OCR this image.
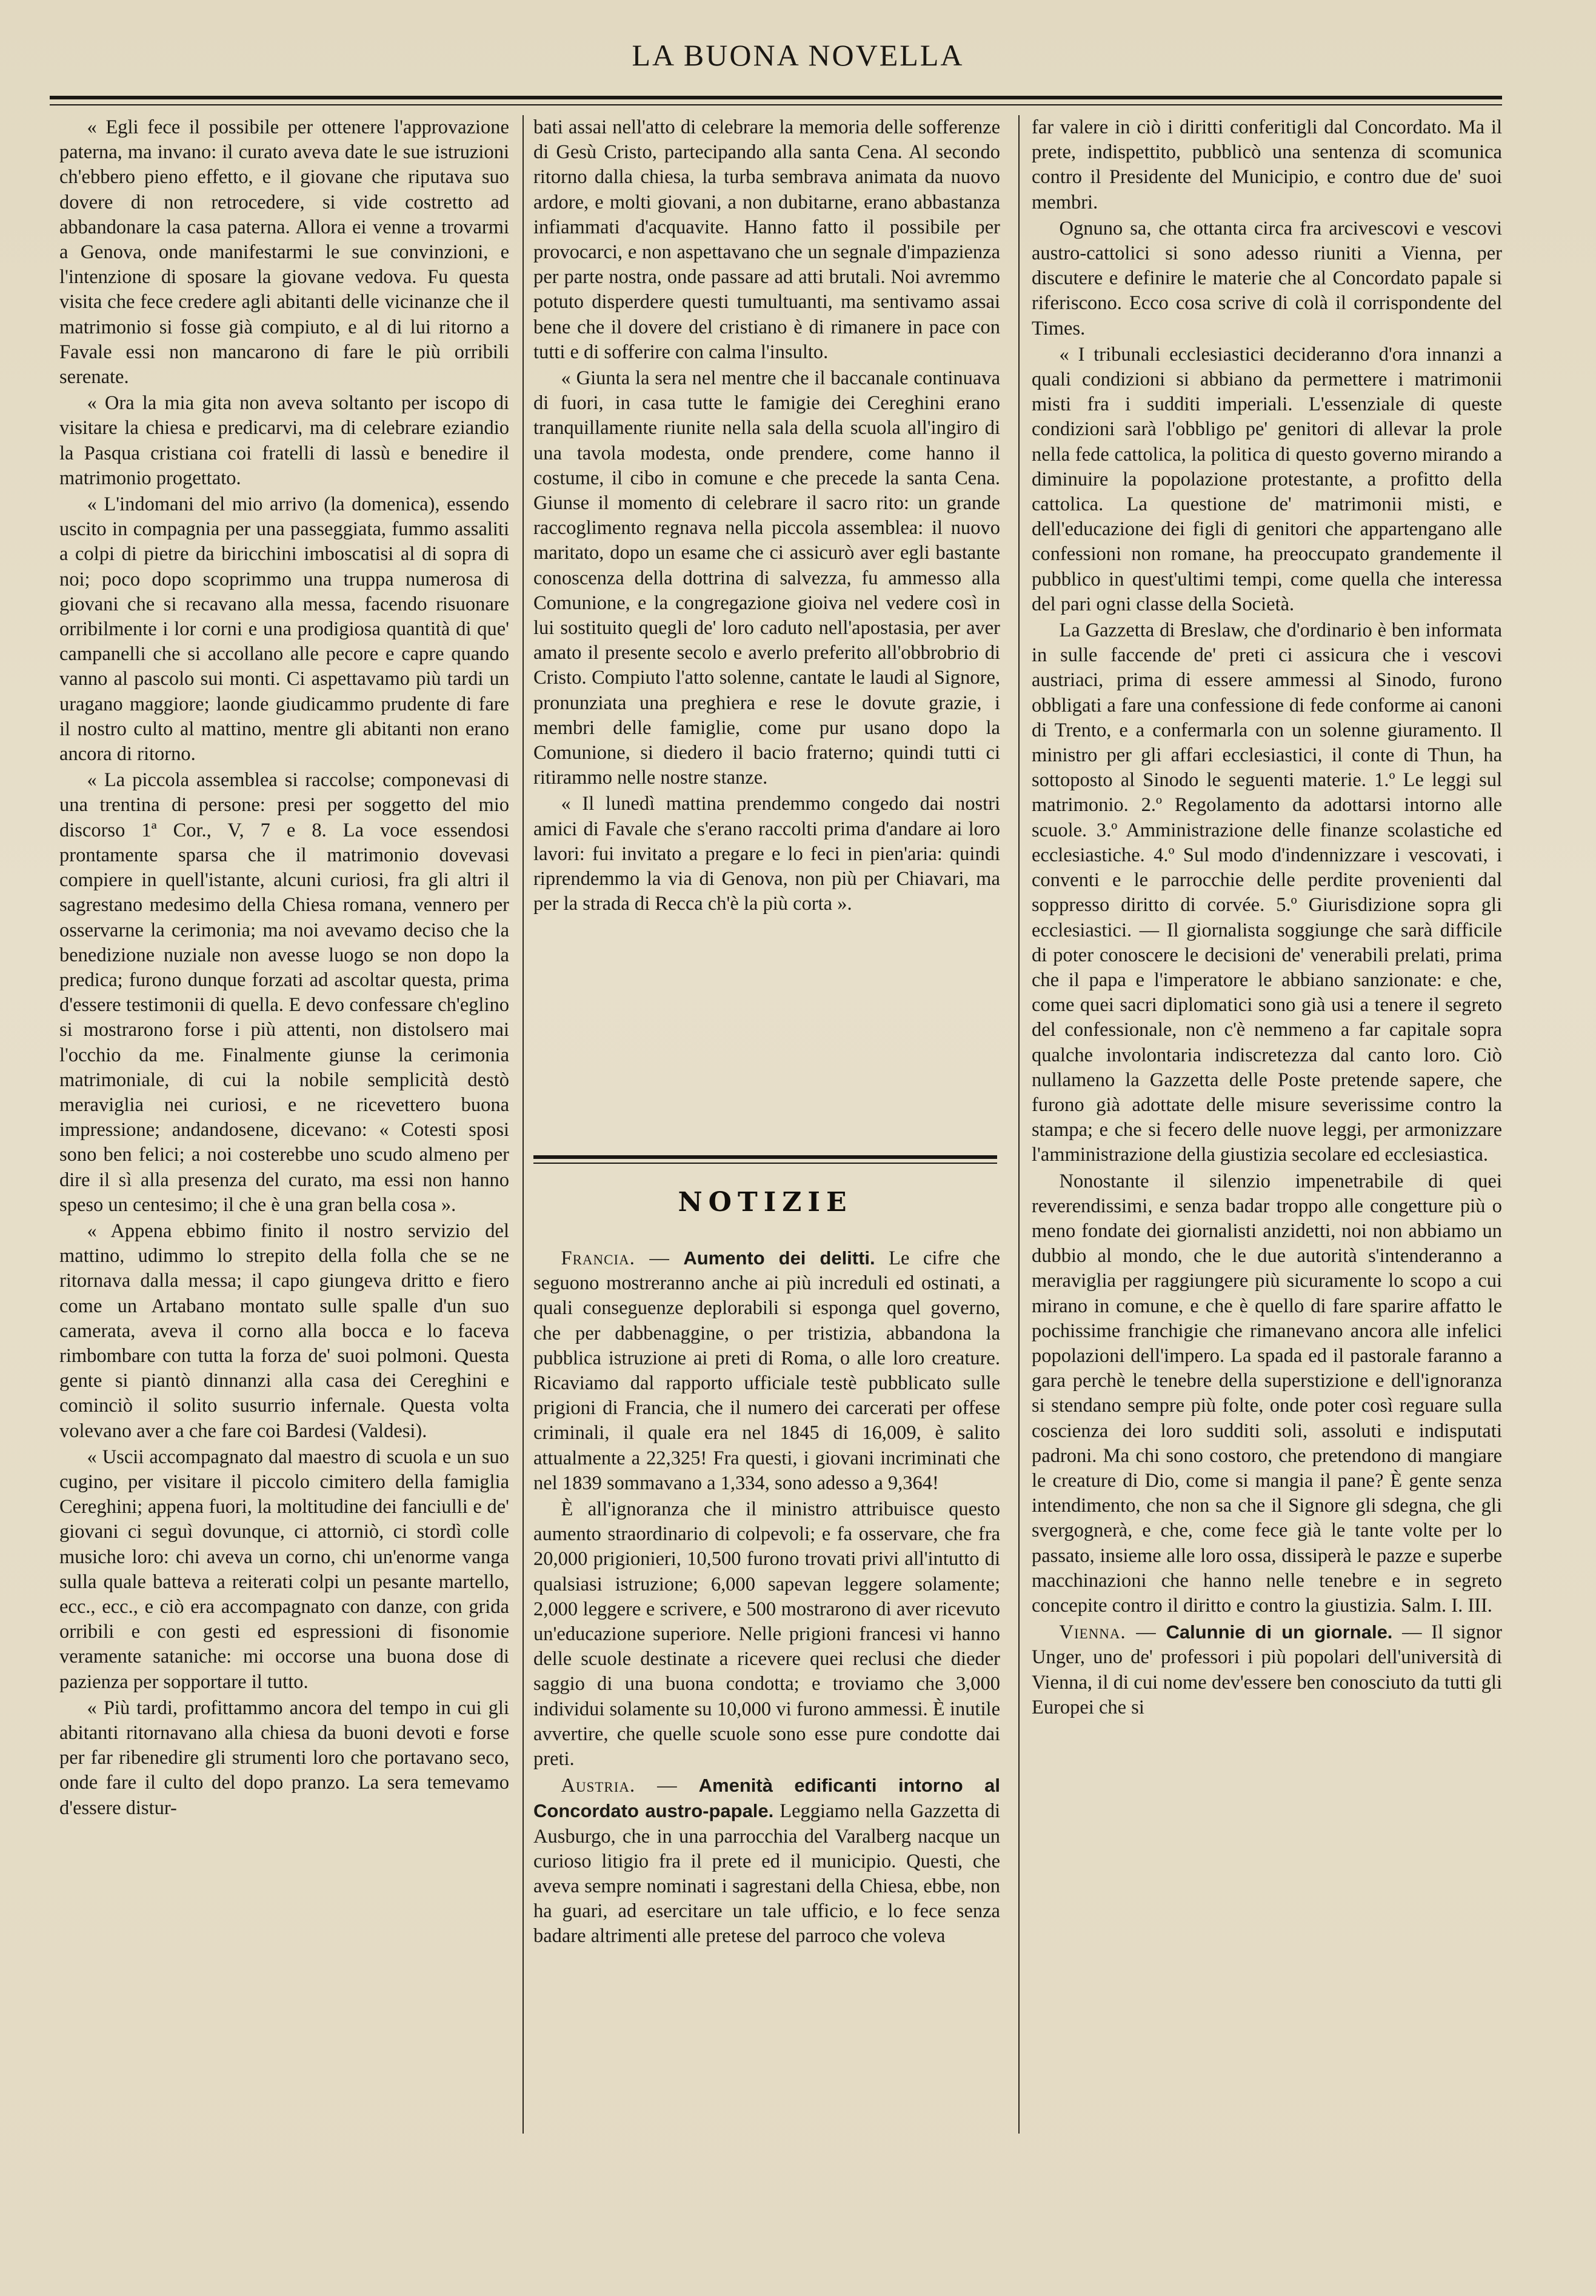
LA BUONA NOVELLA

« Egli fece il possibile per ottenere l'approvazione paterna, ma invano: il curato aveva date le sue istruzioni ch'ebbero pieno effetto, e il giovane che riputava suo dovere di non retrocedere, si vide costretto ad abbandonare la casa paterna. Allora ei venne a trovarmi a Genova, onde manifestarmi le sue convinzioni, e l'intenzione di sposare la giovane vedova. Fu questa visita che fece credere agli abitanti delle vicinanze che il matrimonio si fosse già compiuto, e al di lui ritorno a Favale essi non mancarono di fare le più orribili serenate.

« Ora la mia gita non aveva soltanto per iscopo di visitare la chiesa e predicarvi, ma di celebrare eziandio la Pasqua cristiana coi fratelli di lassù e benedire il matrimonio progettato.

« L'indomani del mio arrivo (la domenica), essendo uscito in compagnia per una passeggiata, fummo assaliti a colpi di pietre da biricchini imboscatisi al di sopra di noi; poco dopo scoprimmo una truppa numerosa di giovani che si recavano alla messa, facendo risuonare orribilmente i lor corni e una prodigiosa quantità di que' campanelli che si accollano alle pecore e capre quando vanno al pascolo sui monti. Ci aspettavamo più tardi un uragano maggiore; laonde giudicammo prudente di fare il nostro culto al mattino, mentre gli abitanti non erano ancora di ritorno.

« La piccola assemblea si raccolse; componevasi di una trentina di persone: presi per soggetto del mio discorso 1ª Cor., V, 7 e 8. La voce essendosi prontamente sparsa che il matrimonio dovevasi compiere in quell'istante, alcuni curiosi, fra gli altri il sagrestano medesimo della Chiesa romana, vennero per osservarne la cerimonia; ma noi avevamo deciso che la benedizione nuziale non avesse luogo se non dopo la predica; furono dunque forzati ad ascoltar questa, prima d'essere testimonii di quella. E devo confessare ch'eglino si mostrarono forse i più attenti, non distolsero mai l'occhio da me. Finalmente giunse la cerimonia matrimoniale, di cui la nobile semplicità destò meraviglia nei curiosi, e ne ricevettero buona impressione; andandosene, dicevano: « Cotesti sposi sono ben felici; a noi costerebbe uno scudo almeno per dire il sì alla presenza del curato, ma essi non hanno speso un centesimo; il che è una gran bella cosa ».

« Appena ebbimo finito il nostro servizio del mattino, udimmo lo strepito della folla che se ne ritornava dalla messa; il capo giungeva dritto e fiero come un Artabano montato sulle spalle d'un suo camerata, aveva il corno alla bocca e lo faceva rimbombare con tutta la forza de' suoi polmoni. Questa gente si piantò dinnanzi alla casa dei Cereghini e cominciò il solito susurrio infernale. Questa volta volevano aver a che fare coi Bardesi (Valdesi).

« Uscii accompagnato dal maestro di scuola e un suo cugino, per visitare il piccolo cimitero della famiglia Cereghini; appena fuori, la moltitudine dei fanciulli e de' giovani ci seguì dovunque, ci attorniò, ci stordì colle musiche loro: chi aveva un corno, chi un'enorme vanga sulla quale batteva a reiterati colpi un pesante martello, ecc., ecc., e ciò era accompagnato con danze, con grida orribili e con gesti ed espressioni di fisonomie veramente sataniche: mi occorse una buona dose di pazienza per sopportare il tutto.

« Più tardi, profittammo ancora del tempo in cui gli abitanti ritornavano alla chiesa da buoni devoti e forse per far ribenedire gli strumenti loro che portavano seco, onde fare il culto del dopo pranzo. La sera temevamo d'essere distur-

bati assai nell'atto di celebrare la memoria delle sofferenze di Gesù Cristo, partecipando alla santa Cena. Al secondo ritorno dalla chiesa, la turba sembrava animata da nuovo ardore, e molti giovani, a non dubitarne, erano abbastanza infiammati d'acquavite. Hanno fatto il possibile per provocarci, e non aspettavano che un segnale d'impazienza per parte nostra, onde passare ad atti brutali. Noi avremmo potuto disperdere questi tumultuanti, ma sentivamo assai bene che il dovere del cristiano è di rimanere in pace con tutti e di sofferire con calma l'insulto.

« Giunta la sera nel mentre che il baccanale continuava di fuori, in casa tutte le famigie dei Cereghini erano tranquillamente riunite nella sala della scuola all'ingiro di una tavola modesta, onde prendere, come hanno il costume, il cibo in comune e che precede la santa Cena. Giunse il momento di celebrare il sacro rito: un grande raccoglimento regnava nella piccola assemblea: il nuovo maritato, dopo un esame che ci assicurò aver egli bastante conoscenza della dottrina di salvezza, fu ammesso alla Comunione, e la congregazione gioiva nel vedere così in lui sostituito quegli de' loro caduto nell'apostasia, per aver amato il presente secolo e averlo preferito all'obbrobrio di Cristo. Compiuto l'atto solenne, cantate le laudi al Signore, pronunziata una preghiera e rese le dovute grazie, i membri delle famiglie, come pur usano dopo la Comunione, si diedero il bacio fraterno; quindi tutti ci ritirammo nelle nostre stanze.

« Il lunedì mattina prendemmo congedo dai nostri amici di Favale che s'erano raccolti prima d'andare ai loro lavori: fui invitato a pregare e lo feci in pien'aria: quindi riprendemmo la via di Genova, non più per Chiavari, ma per la strada di Recca ch'è la più corta ».

NOTIZIE

Francia. — Aumento dei delitti. Le cifre che seguono mostreranno anche ai più increduli ed ostinati, a quali conseguenze deplorabili si esponga quel governo, che per dabbenaggine, o per tristizia, abbandona la pubblica istruzione ai preti di Roma, o alle loro creature. Ricaviamo dal rapporto ufficiale testè pubblicato sulle prigioni di Francia, che il numero dei carcerati per offese criminali, il quale era nel 1845 di 16,009, è salito attualmente a 22,325! Fra questi, i giovani incriminati che nel 1839 sommavano a 1,334, sono adesso a 9,364!

È all'ignoranza che il ministro attribuisce questo aumento straordinario di colpevoli; e fa osservare, che fra 20,000 prigionieri, 10,500 furono trovati privi all'intutto di qualsiasi istruzione; 6,000 sapevan leggere solamente; 2,000 leggere e scrivere, e 500 mostrarono di aver ricevuto un'educazione superiore. Nelle prigioni francesi vi hanno delle scuole destinate a ricevere quei reclusi che dieder saggio di una buona condotta; e troviamo che 3,000 individui solamente su 10,000 vi furono ammessi. È inutile avvertire, che quelle scuole sono esse pure condotte dai preti.

Austria. — Amenità edificanti intorno al Concordato austro-papale. Leggiamo nella Gazzetta di Ausburgo, che in una parrocchia del Varalberg nacque un curioso litigio fra il prete ed il municipio. Questi, che aveva sempre nominati i sagrestani della Chiesa, ebbe, non ha guari, ad esercitare un tale ufficio, e lo fece senza badare altrimenti alle pretese del parroco che voleva

far valere in ciò i diritti conferitigli dal Concordato. Ma il prete, indispettito, pubblicò una sentenza di scomunica contro il Presidente del Municipio, e contro due de' suoi membri.

Ognuno sa, che ottanta circa fra arcivescovi e vescovi austro-cattolici si sono adesso riuniti a Vienna, per discutere e definire le materie che al Concordato papale si riferiscono. Ecco cosa scrive di colà il corrispondente del Times.

« I tribunali ecclesiastici decideranno d'ora innanzi a quali condizioni si abbiano da permettere i matrimonii misti fra i sudditi imperiali. L'essenziale di queste condizioni sarà l'obbligo pe' genitori di allevar la prole nella fede cattolica, la politica di questo governo mirando a diminuire la popolazione protestante, a profitto della cattolica. La questione de' matrimonii misti, e dell'educazione dei figli di genitori che appartengano alle confessioni non romane, ha preoccupato grandemente il pubblico in quest'ultimi tempi, come quella che interessa del pari ogni classe della Società.

La Gazzetta di Breslaw, che d'ordinario è ben informata in sulle faccende de' preti ci assicura che i vescovi austriaci, prima di essere ammessi al Sinodo, furono obbligati a fare una confessione di fede conforme ai canoni di Trento, e a confermarla con un solenne giuramento. Il ministro per gli affari ecclesiastici, il conte di Thun, ha sottoposto al Sinodo le seguenti materie. 1.º Le leggi sul matrimonio. 2.º Regolamento da adottarsi intorno alle scuole. 3.º Amministrazione delle finanze scolastiche ed ecclesiastiche. 4.º Sul modo d'indennizzare i vescovati, i conventi e le parrocchie delle perdite provenienti dal soppresso diritto di corvée. 5.º Giurisdizione sopra gli ecclesiastici. — Il giornalista soggiunge che sarà difficile di poter conoscere le decisioni de' venerabili prelati, prima che il papa e l'imperatore le abbiano sanzionate: e che, come quei sacri diplomatici sono già usi a tenere il segreto del confessionale, non c'è nemmeno a far capitale sopra qualche involontaria indiscretezza dal canto loro. Ciò nullameno la Gazzetta delle Poste pretende sapere, che furono già adottate delle misure severissime contro la stampa; e che si fecero delle nuove leggi, per armonizzare l'amministrazione della giustizia secolare ed ecclesiastica.

Nonostante il silenzio impenetrabile di quei reverendissimi, e senza badar troppo alle congetture più o meno fondate dei giornalisti anzidetti, noi non abbiamo un dubbio al mondo, che le due autorità s'intenderanno a meraviglia per raggiungere più sicuramente lo scopo a cui mirano in comune, e che è quello di fare sparire affatto le pochissime franchigie che rimanevano ancora alle infelici popolazioni dell'impero. La spada ed il pastorale faranno a gara perchè le tenebre della superstizione e dell'ignoranza si stendano sempre più folte, onde poter così reguare sulla coscienza dei loro sudditi soli, assoluti e indisputati padroni. Ma chi sono costoro, che pretendono di mangiare le creature di Dio, come si mangia il pane? È gente senza intendimento, che non sa che il Signore gli sdegna, che gli svergognerà, e che, come fece già le tante volte per lo passato, insieme alle loro ossa, dissiperà le pazze e superbe macchinazioni che hanno nelle tenebre e in segreto concepite contro il diritto e contro la giustizia. Salm. I. III.

Vienna. — Calunnie di un giornale. — Il signor Unger, uno de' professori i più popolari dell'università di Vienna, il di cui nome dev'essere ben conosciuto da tutti gli Europei che si
